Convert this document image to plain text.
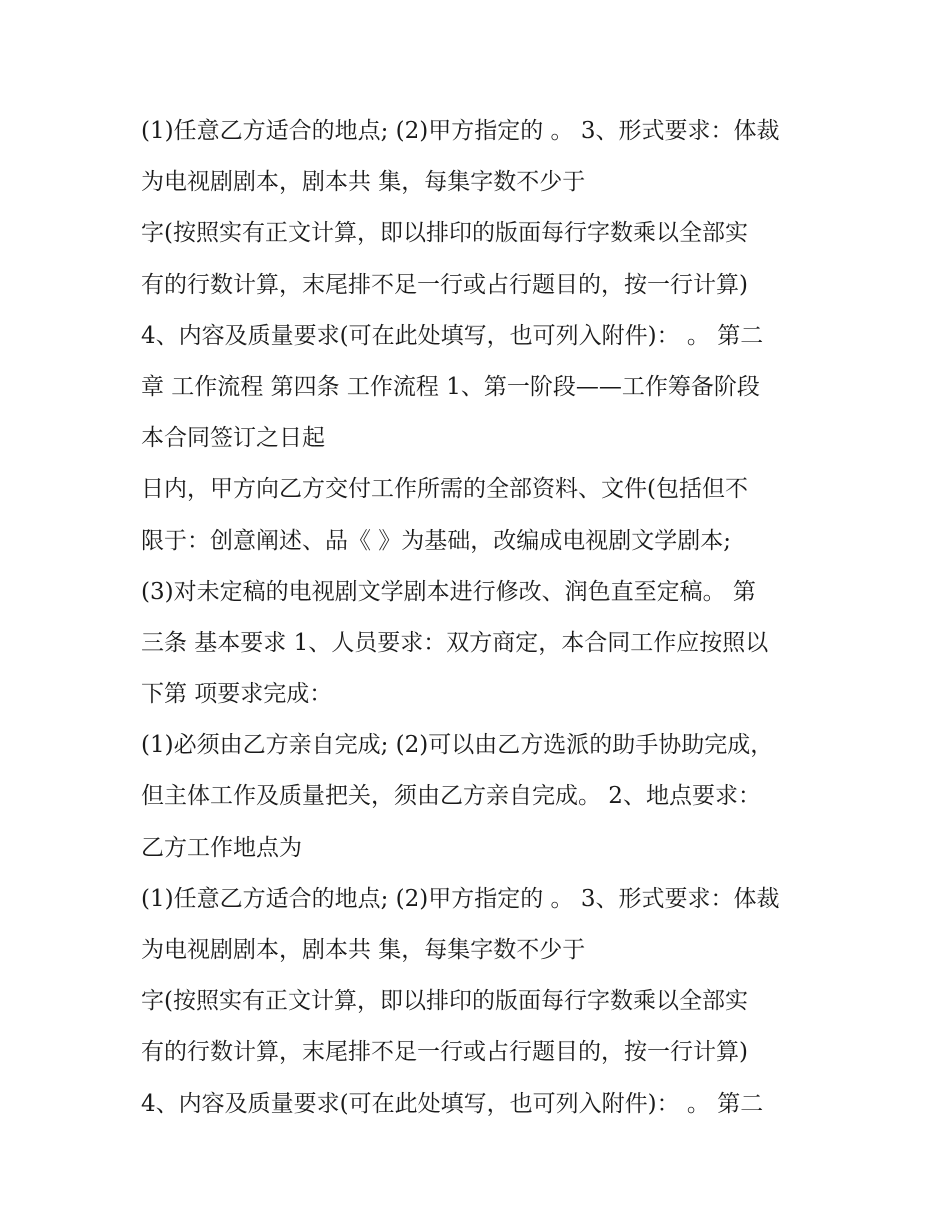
(1)任意乙方适合的地点; (2)甲方指定的 。 3、形式要求：体裁
为电视剧剧本，剧本共 集，每集字数不少于
字(按照实有正文计算，即以排印的版面每行字数乘以全部实
有的行数计算，末尾排不足一行或占行题目的，按一行计算)
4、内容及质量要求(可在此处填写，也可列入附件)： 。 第二
章 工作流程 第四条 工作流程 1、第一阶段——工作筹备阶段
本合同签订之日起
日内，甲方向乙方交付工作所需的全部资料、文件(包括但不
限于：创意阐述、品《 》为基础，改编成电视剧文学剧本;
(3)对未定稿的电视剧文学剧本进行修改、润色直至定稿。 第
三条 基本要求 1、人员要求：双方商定，本合同工作应按照以
下第 项要求完成：
(1)必须由乙方亲自完成; (2)可以由乙方选派的助手协助完成，
但主体工作及质量把关，须由乙方亲自完成。 2、地点要求：
乙方工作地点为
(1)任意乙方适合的地点; (2)甲方指定的 。 3、形式要求：体裁
为电视剧剧本，剧本共 集，每集字数不少于
字(按照实有正文计算，即以排印的版面每行字数乘以全部实
有的行数计算，末尾排不足一行或占行题目的，按一行计算)
4、内容及质量要求(可在此处填写，也可列入附件)： 。 第二
